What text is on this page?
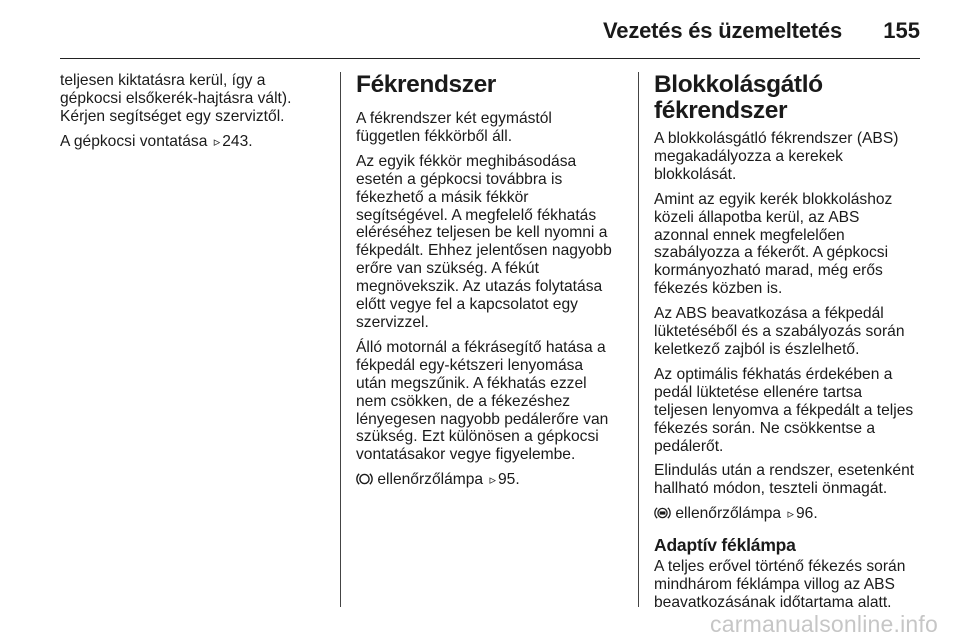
Vezetés és üzemeltetés 155

teljesen kiktatásra kerül, így a
gépkocsi elsőkerék-hajtásra vált).
Kérjen segítséget egy szerviztől.

A gépkocsi vontatása ▹ 243.

Fékrendszer

A fékrendszer két egymástól
független fékkörből áll.

Az egyik fékkör meghibásodása
esetén a gépkocsi továbbra is
fékezhető a másik fékkör
segítségével. A megfelelő fékhatás
eléréséhez teljesen be kell nyomni a
fékpedált. Ehhez jelentősen nagyobb
erőre van szükség. A fékút
megnövekszik. Az utazás folytatása
előtt vegye fel a kapcsolatot egy
szervizzel.

Álló motornál a fékrásegítő hatása a
fékpedál egy-kétszeri lenyomása
után megszűnik. A fékhatás ezzel
nem csökken, de a fékezéshez
lényegesen nagyobb pedálerőre van
szükség. Ezt különösen a gépkocsi
vontatásakor vegye figyelembe.

ellenőrzőlámpa ▹ 95.

Blokkolásgátló
fékrendszer

A blokkolásgátló fékrendszer (ABS)
megakadályozza a kerekek
blokkolását.

Amint az egyik kerék blokkoláshoz
közeli állapotba kerül, az ABS
azonnal ennek megfelelően
szabályozza a fékerőt. A gépkocsi
kormányozható marad, még erős
fékezés közben is.

Az ABS beavatkozása a fékpedál
lüktetéséből és a szabályozás során
keletkező zajból is észlelhető.

Az optimális fékhatás érdekében a
pedál lüktetése ellenére tartsa
teljesen lenyomva a fékpedált a teljes
fékezés során. Ne csökkentse a
pedálerőt.

Elindulás után a rendszer, esetenként
hallható módon, teszteli önmagát.

ellenőrzőlámpa ▹ 96.

Adaptív féklámpa

A teljes erővel történő fékezés során
mindhárom féklámpa villog az ABS
beavatkozásának időtartama alatt.

carmanualsonline.info
